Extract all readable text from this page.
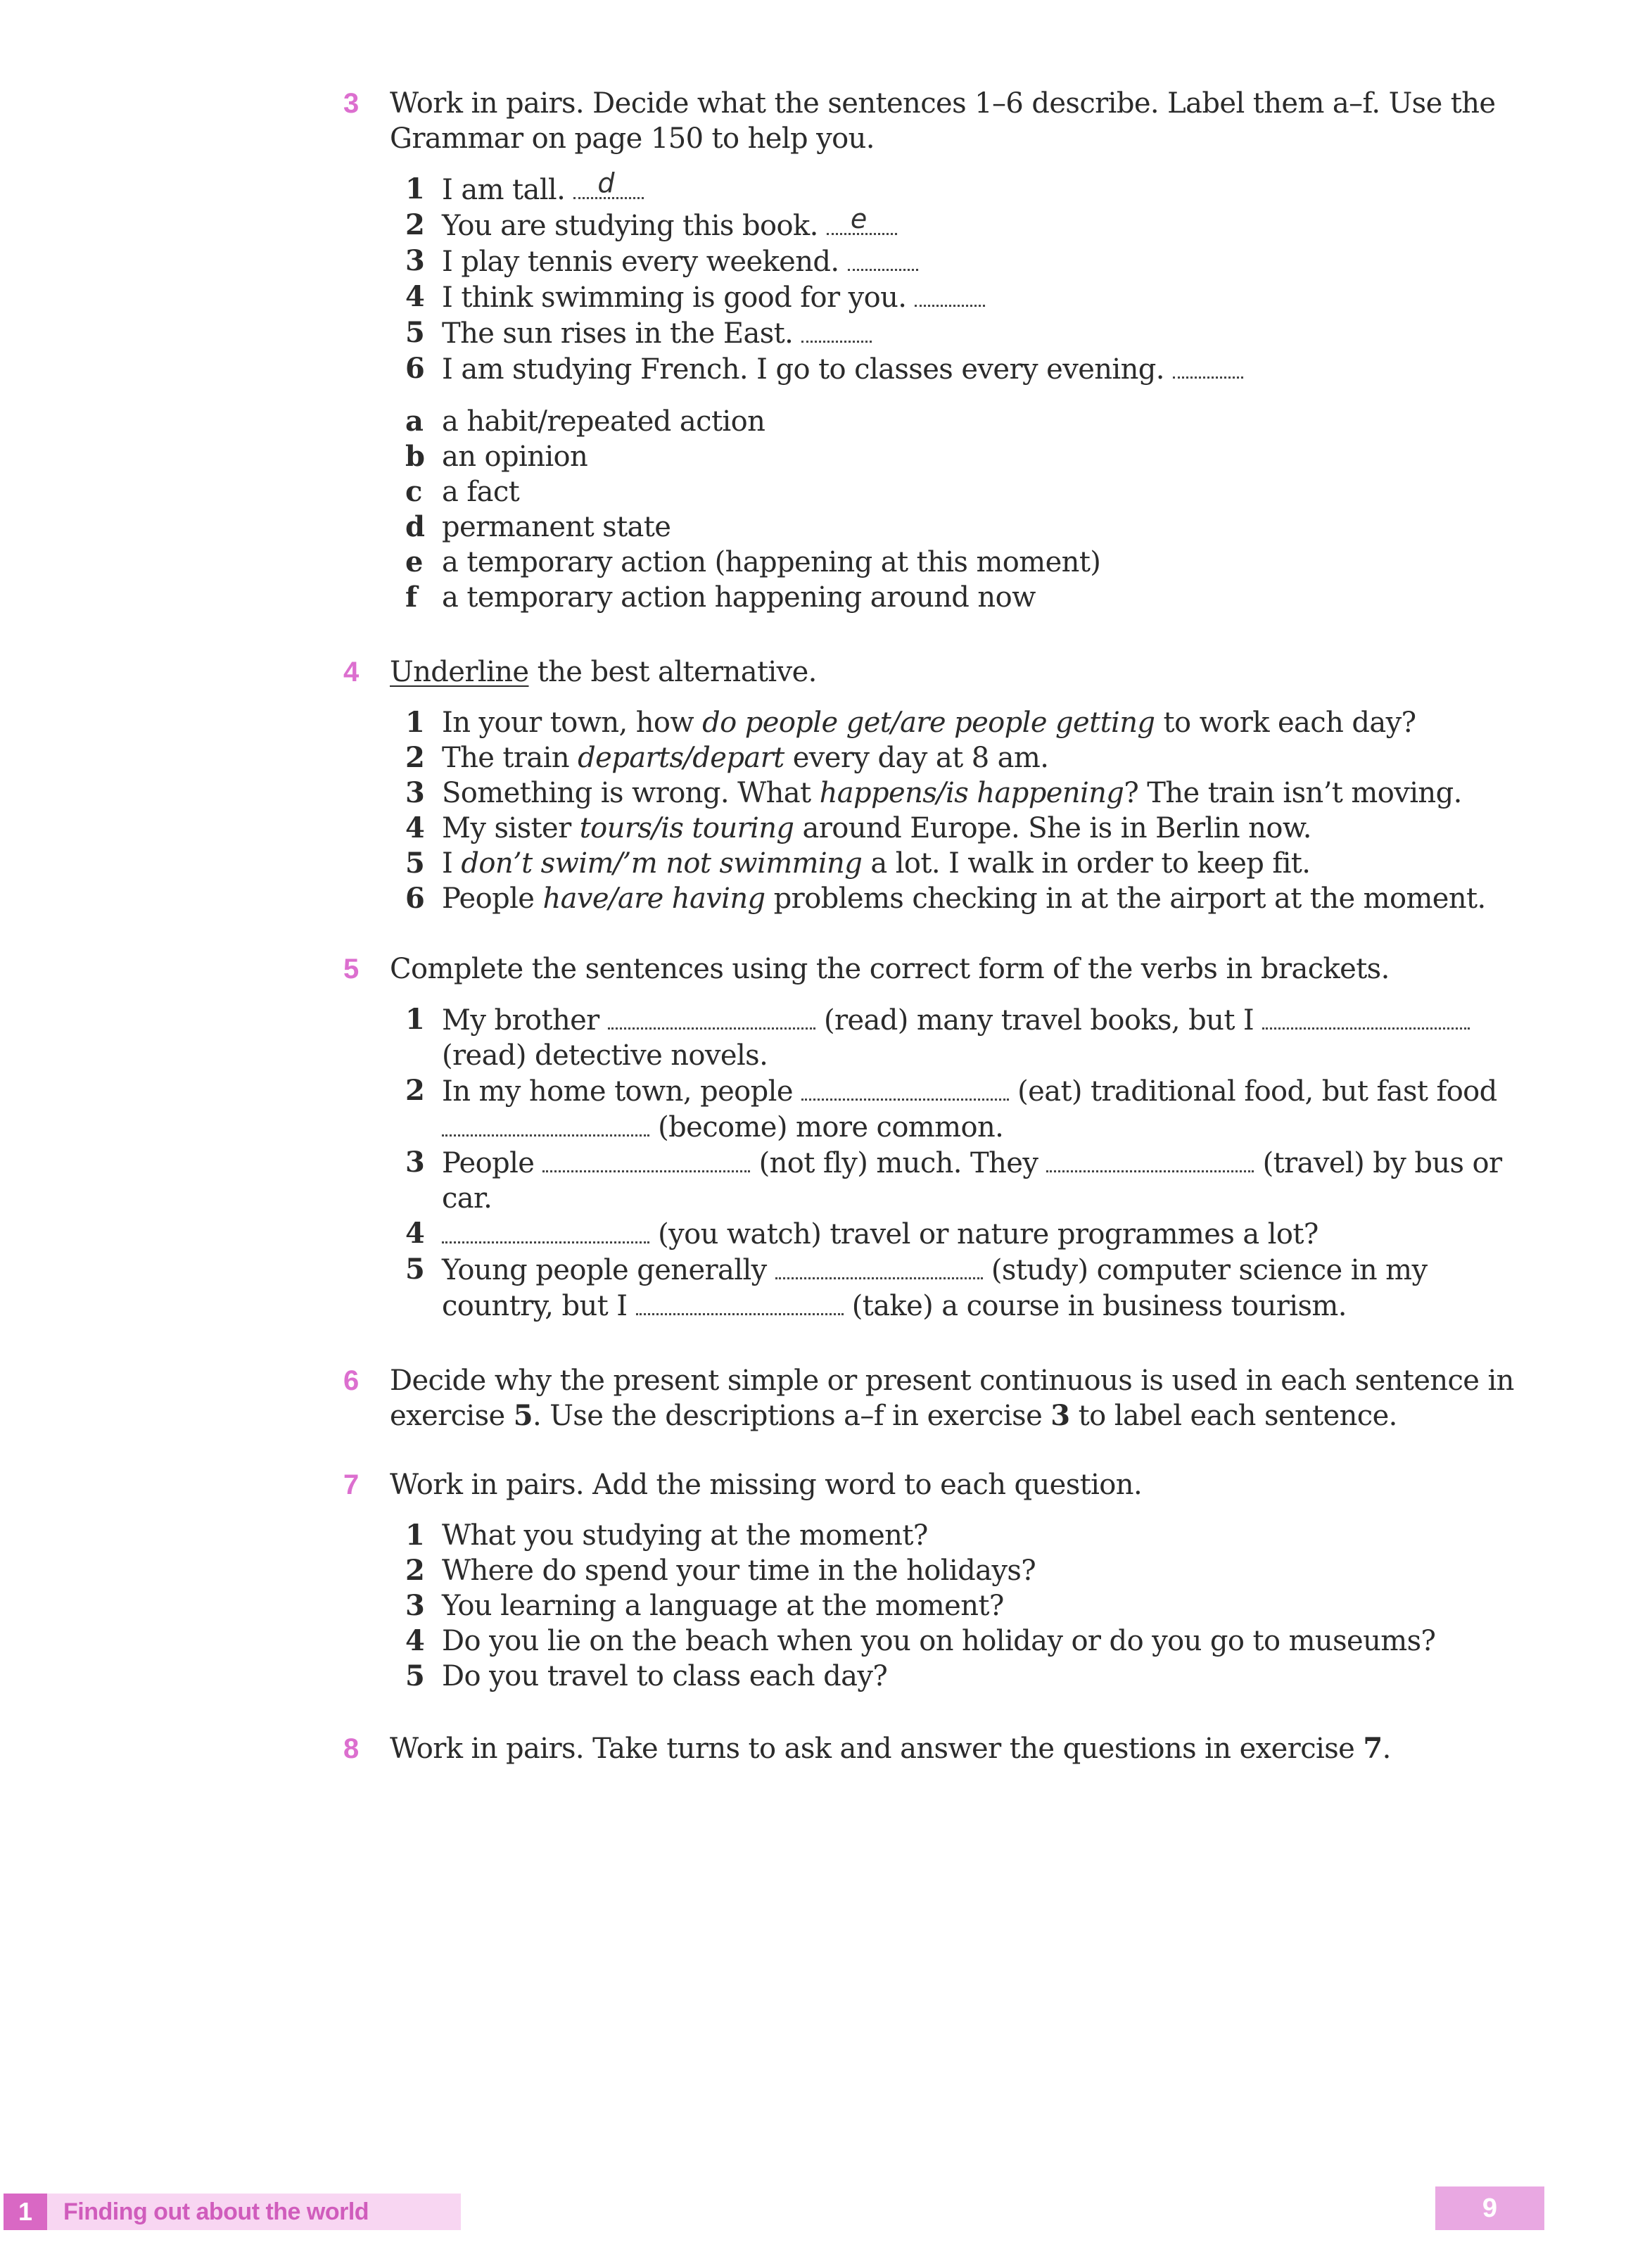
3 Work in pairs. Decide what the sentences 1–6 describe. Label them a–f. Use the
Grammar on page 150 to help you.
1 I am tall. d
2 You are studying this book. e
3 I play tennis every weekend.
4 I think swimming is good for you.
5 The sun rises in the East.
6 I am studying French. I go to classes every evening.
a a habit/repeated action
b an opinion
c a fact
d permanent state
e a temporary action (happening at this moment)
f a temporary action happening around now
4 Underline the best alternative.
1 In your town, how do people get/are people getting to work each day?
2 The train departs/depart every day at 8 am.
3 Something is wrong. What happens/is happening? The train isn’t moving.
4 My sister tours/is touring around Europe. She is in Berlin now.
5 I don’t swim/’m not swimming a lot. I walk in order to keep fit.
6 People have/are having problems checking in at the airport at the moment.
5 Complete the sentences using the correct form of the verbs in brackets.
1 My brother	(read) many travel books, but I
(read) detective novels.
2 In my home town, people	(eat) traditional food, but fast food
(become) more common.
3 People	(not fly) much. They	(travel) by bus or
car.
4	(you watch) travel or nature programmes a lot?
5 Young people generally	(study) computer science in my
country, but I	(take) a course in business tourism.
6 Decide why the present simple or present continuous is used in each sentence in
exercise 5. Use the descriptions a–f in exercise 3 to label each sentence.
7 Work in pairs. Add the missing word to each question.
1 What you studying at the moment?
2 Where do spend your time in the holidays?
3 You learning a language at the moment?
4 Do you lie on the beach when you on holiday or do you go to museums?
5 Do you travel to class each day?
8 Work in pairs. Take turns to ask and answer the questions in exercise 7.
1	Finding out about the world	9
